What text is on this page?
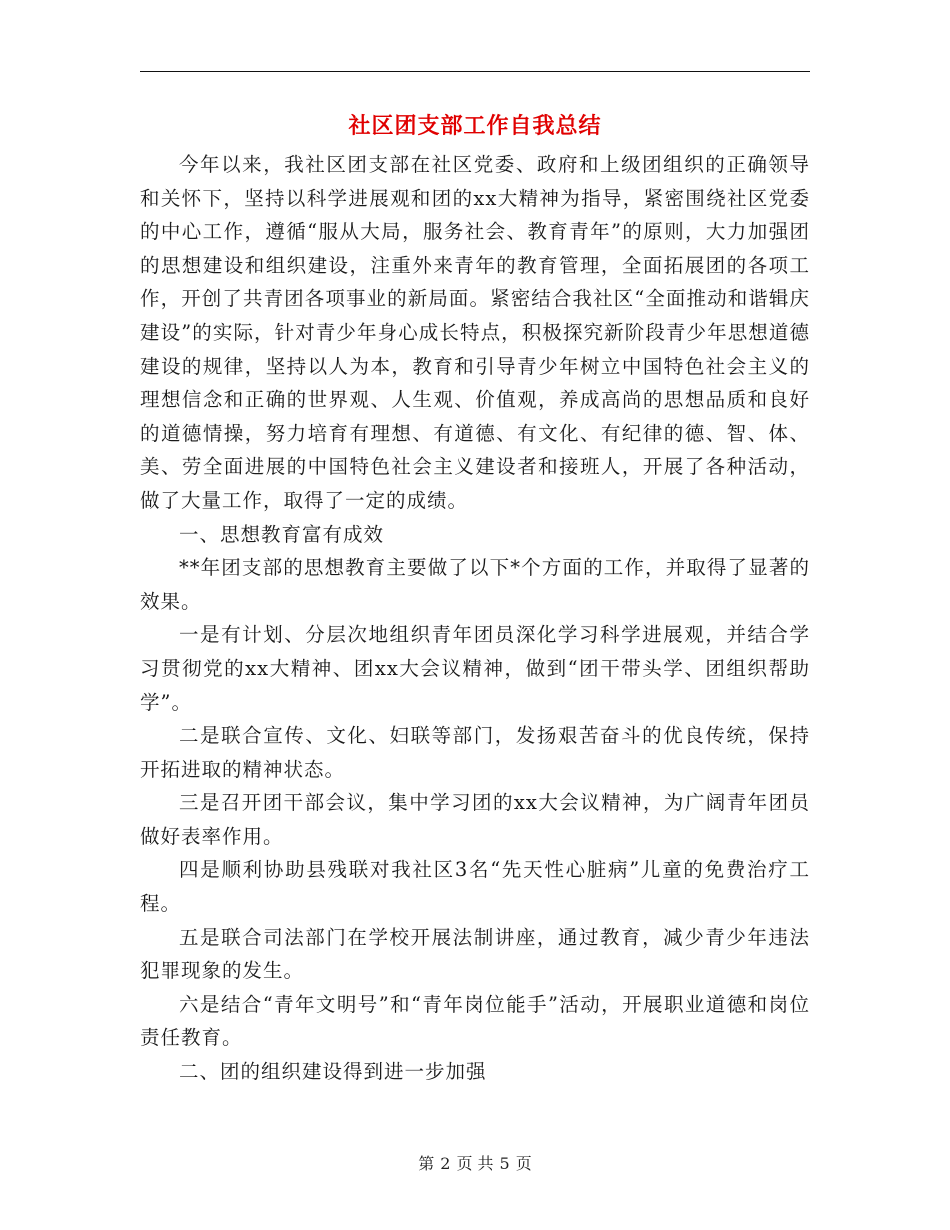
社区团支部工作自我总结

今年以来，我社区团支部在社区党委、政府和上级团组织的正确领导和关怀下，坚持以科学进展观和团的xx大精神为指导，紧密围绕社区党委的中心工作，遵循“服从大局，服务社会、教育青年”的原则，大力加强团的思想建设和组织建设，注重外来青年的教育管理，全面拓展团的各项工作，开创了共青团各项事业的新局面。紧密结合我社区“全面推动和谐辑庆建设”的实际，针对青少年身心成长特点，积极探究新阶段青少年思想道德建设的规律，坚持以人为本，教育和引导青少年树立中国特色社会主义的理想信念和正确的世界观、人生观、价值观，养成高尚的思想品质和良好的道德情操，努力培育有理想、有道德、有文化、有纪律的德、智、体、美、劳全面进展的中国特色社会主义建设者和接班人，开展了各种活动，做了大量工作，取得了一定的成绩。

一、思想教育富有成效

**年团支部的思想教育主要做了以下*个方面的工作，并取得了显著的效果。

一是有计划、分层次地组织青年团员深化学习科学进展观，并结合学习贯彻党的xx大精神、团xx大会议精神，做到“团干带头学、团组织帮助学”。

二是联合宣传、文化、妇联等部门，发扬艰苦奋斗的优良传统，保持开拓进取的精神状态。

三是召开团干部会议，集中学习团的xx大会议精神，为广阔青年团员做好表率作用。

四是顺利协助县残联对我社区3名“先天性心脏病”儿童的免费治疗工程。

五是联合司法部门在学校开展法制讲座，通过教育，减少青少年违法犯罪现象的发生。

六是结合“青年文明号”和“青年岗位能手”活动，开展职业道德和岗位责任教育。

二、团的组织建设得到进一步加强

第 2 页 共 5 页
